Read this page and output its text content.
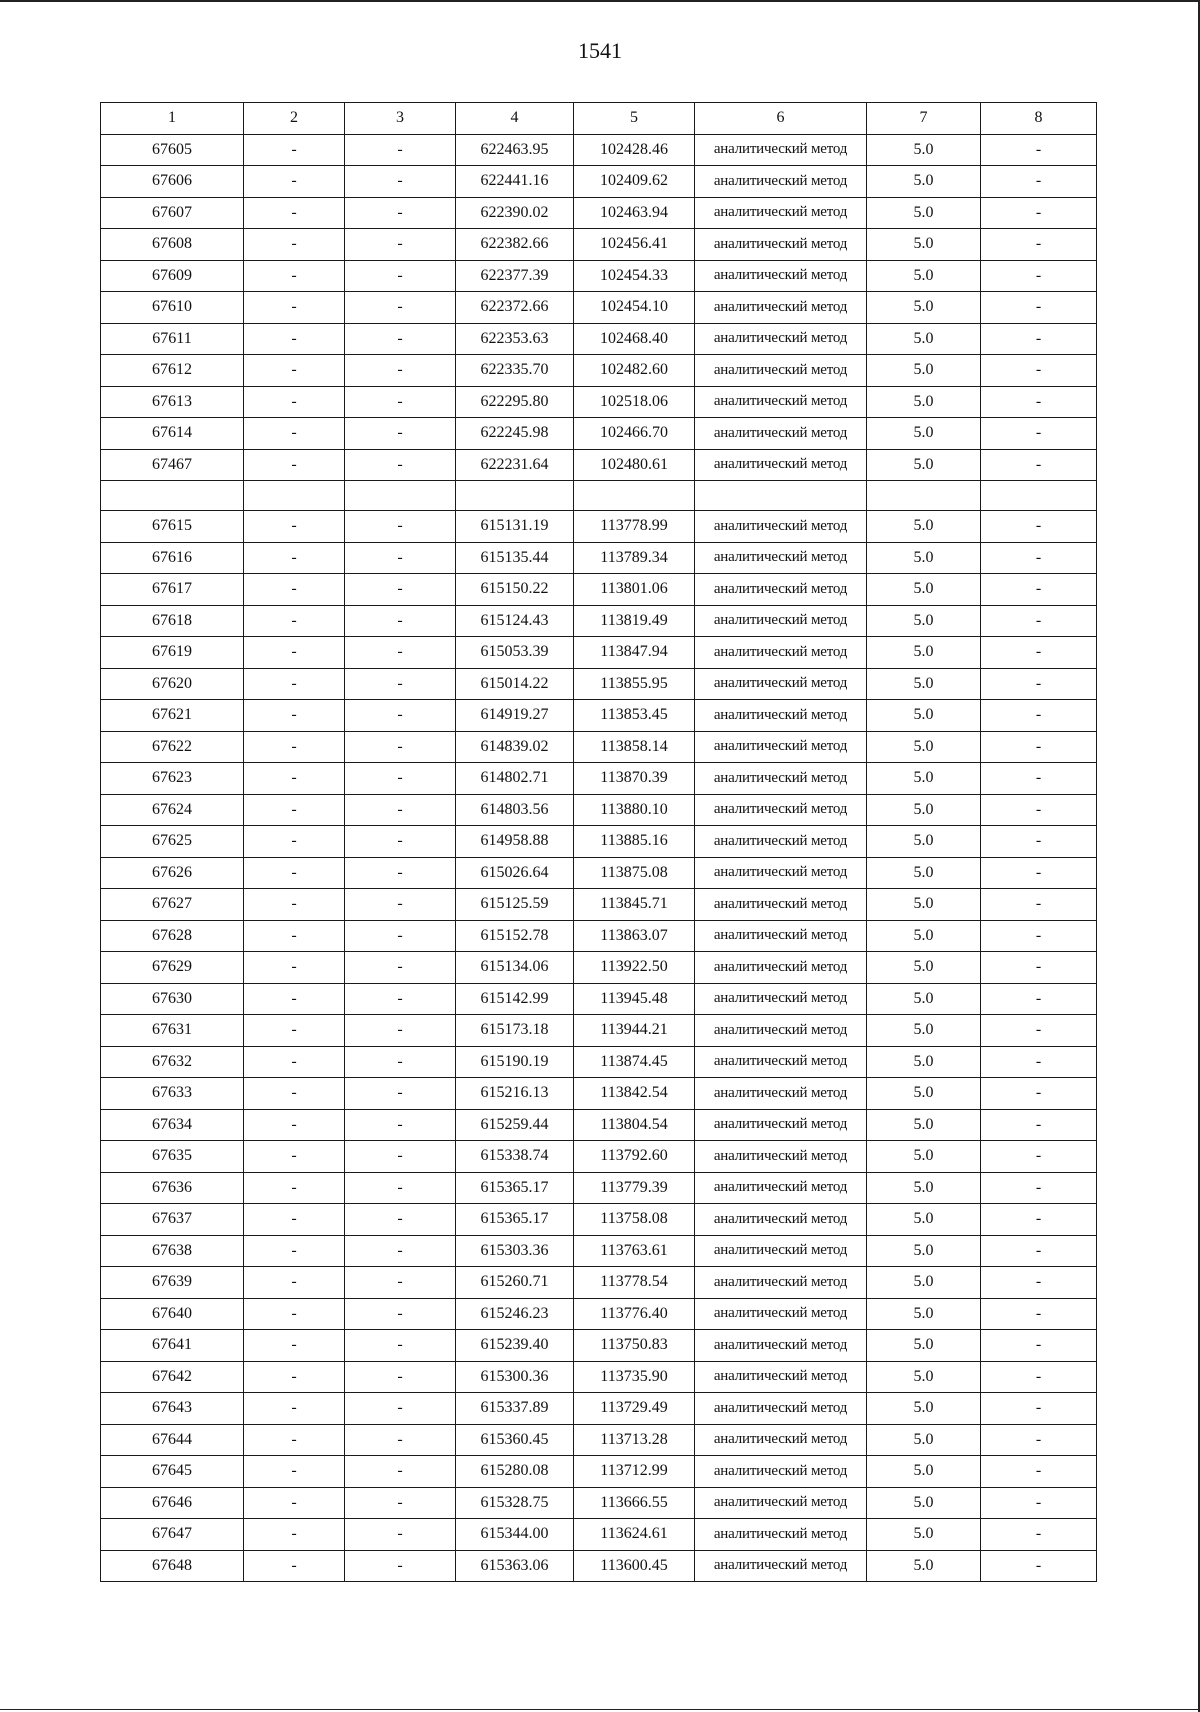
1541
1	2	3	4	5	6	7	8
67605	-	-	622463.95	102428.46	аналитический метод	5.0	-
67606	-	-	622441.16	102409.62	аналитический метод	5.0	-
67607	-	-	622390.02	102463.94	аналитический метод	5.0	-
67608	-	-	622382.66	102456.41	аналитический метод	5.0	-
67609	-	-	622377.39	102454.33	аналитический метод	5.0	-
67610	-	-	622372.66	102454.10	аналитический метод	5.0	-
67611	-	-	622353.63	102468.40	аналитический метод	5.0	-
67612	-	-	622335.70	102482.60	аналитический метод	5.0	-
67613	-	-	622295.80	102518.06	аналитический метод	5.0	-
67614	-	-	622245.98	102466.70	аналитический метод	5.0	-
67467	-	-	622231.64	102480.61	аналитический метод	5.0	-

67615	-	-	615131.19	113778.99	аналитический метод	5.0	-
67616	-	-	615135.44	113789.34	аналитический метод	5.0	-
67617	-	-	615150.22	113801.06	аналитический метод	5.0	-
67618	-	-	615124.43	113819.49	аналитический метод	5.0	-
67619	-	-	615053.39	113847.94	аналитический метод	5.0	-
67620	-	-	615014.22	113855.95	аналитический метод	5.0	-
67621	-	-	614919.27	113853.45	аналитический метод	5.0	-
67622	-	-	614839.02	113858.14	аналитический метод	5.0	-
67623	-	-	614802.71	113870.39	аналитический метод	5.0	-
67624	-	-	614803.56	113880.10	аналитический метод	5.0	-
67625	-	-	614958.88	113885.16	аналитический метод	5.0	-
67626	-	-	615026.64	113875.08	аналитический метод	5.0	-
67627	-	-	615125.59	113845.71	аналитический метод	5.0	-
67628	-	-	615152.78	113863.07	аналитический метод	5.0	-
67629	-	-	615134.06	113922.50	аналитический метод	5.0	-
67630	-	-	615142.99	113945.48	аналитический метод	5.0	-
67631	-	-	615173.18	113944.21	аналитический метод	5.0	-
67632	-	-	615190.19	113874.45	аналитический метод	5.0	-
67633	-	-	615216.13	113842.54	аналитический метод	5.0	-
67634	-	-	615259.44	113804.54	аналитический метод	5.0	-
67635	-	-	615338.74	113792.60	аналитический метод	5.0	-
67636	-	-	615365.17	113779.39	аналитический метод	5.0	-
67637	-	-	615365.17	113758.08	аналитический метод	5.0	-
67638	-	-	615303.36	113763.61	аналитический метод	5.0	-
67639	-	-	615260.71	113778.54	аналитический метод	5.0	-
67640	-	-	615246.23	113776.40	аналитический метод	5.0	-
67641	-	-	615239.40	113750.83	аналитический метод	5.0	-
67642	-	-	615300.36	113735.90	аналитический метод	5.0	-
67643	-	-	615337.89	113729.49	аналитический метод	5.0	-
67644	-	-	615360.45	113713.28	аналитический метод	5.0	-
67645	-	-	615280.08	113712.99	аналитический метод	5.0	-
67646	-	-	615328.75	113666.55	аналитический метод	5.0	-
67647	-	-	615344.00	113624.61	аналитический метод	5.0	-
67648	-	-	615363.06	113600.45	аналитический метод	5.0	-
